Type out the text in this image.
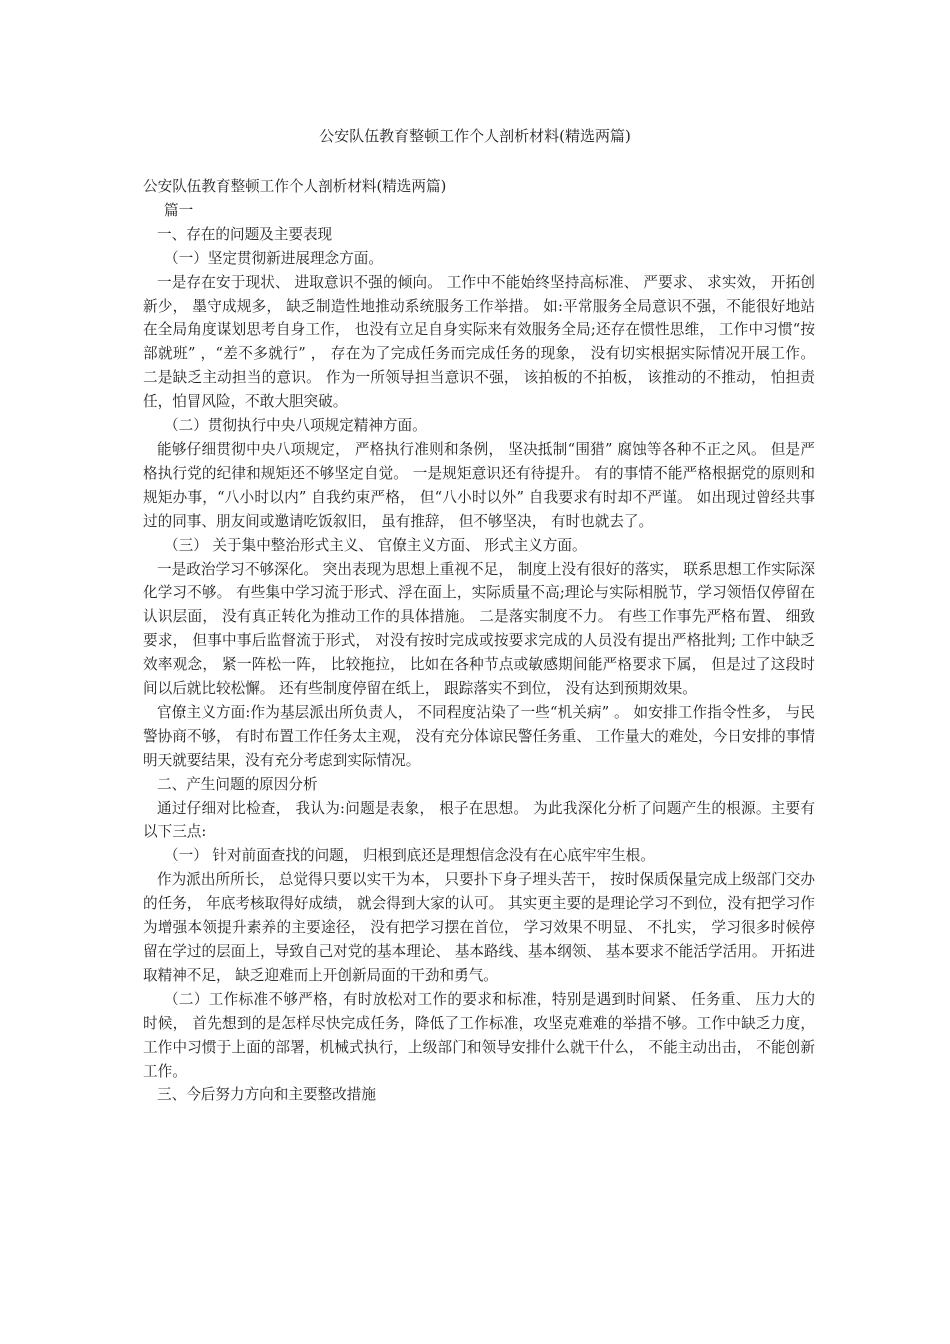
公安队伍教育整顿工作个人剖析材料(精选两篇)

公安队伍教育整顿工作个人剖析材料(精选两篇)

篇一

一、存在的问题及主要表现

（一）坚定贯彻新进展理念方面。

一是存在安于现状、 进取意识不强的倾向。 工作中不能始终坚持高标准、 严要求、 求实效， 开拓创新少， 墨守成规多， 缺乏制造性地推动系统服务工作举措。 如:平常服务全局意识不强，不能很好地站在全局角度谋划思考自身工作， 也没有立足自身实际来有效服务全局;还存在惯性思维， 工作中习惯“按部就班” ，“差不多就行” ， 存在为了完成任务而完成任务的现象， 没有切实根据实际情况开展工作。 二是缺乏主动担当的意识。 作为一所领导担当意识不强， 该拍板的不拍板， 该推动的不推动， 怕担责任，怕冒风险，不敢大胆突破。

（二）贯彻执行中央八项规定精神方面。

能够仔细贯彻中央八项规定， 严格执行准则和条例， 坚决抵制“围猎” 腐蚀等各种不正之风。 但是严格执行党的纪律和规矩还不够坚定自觉。 一是规矩意识还有待提升。 有的事情不能严格根据党的原则和规矩办事，“八小时以内” 自我约束严格， 但“八小时以外” 自我要求有时却不严谨。 如出现过曾经共事过的同事、朋友间或邀请吃饭叙旧， 虽有推辞， 但不够坚决， 有时也就去了。

（三） 关于集中整治形式主义、 官僚主义方面、 形式主义方面。

一是政治学习不够深化。 突出表现为思想上重视不足， 制度上没有很好的落实， 联系思想工作实际深化学习不够。 有些集中学习流于形式、浮在面上，实际质量不高;理论与实际相脱节，学习领悟仅停留在认识层面， 没有真正转化为推动工作的具体措施。 二是落实制度不力。 有些工作事先严格布置、 细致要求， 但事中事后监督流于形式， 对没有按时完成或按要求完成的人员没有提出严格批判; 工作中缺乏效率观念， 紧一阵松一阵， 比较拖拉， 比如在各种节点或敏感期间能严格要求下属， 但是过了这段时间以后就比较松懈。 还有些制度停留在纸上， 跟踪落实不到位， 没有达到预期效果。

官僚主义方面:作为基层派出所负责人， 不同程度沾染了一些“机关病” 。 如安排工作指令性多， 与民警协商不够， 有时布置工作任务太主观， 没有充分体谅民警任务重、 工作量大的难处，今日安排的事情明天就要结果，没有充分考虑到实际情况。

二、产生问题的原因分析

通过仔细对比检查， 我认为:问题是表象， 根子在思想。 为此我深化分析了问题产生的根源。主要有以下三点:

（一） 针对前面查找的问题， 归根到底还是理想信念没有在心底牢牢生根。

作为派出所所长， 总觉得只要以实干为本， 只要扑下身子埋头苦干， 按时保质保量完成上级部门交办的任务， 年底考核取得好成绩， 就会得到大家的认可。 其实更主要的是理论学习不到位，没有把学习作为增强本领提升素养的主要途径， 没有把学习摆在首位， 学习效果不明显、 不扎实， 学习很多时候停留在学过的层面上，导致自己对党的基本理论、 基本路线、基本纲领、 基本要求不能活学活用。 开拓进取精神不足， 缺乏迎难而上开创新局面的干劲和勇气。

（二）工作标准不够严格，有时放松对工作的要求和标准，特别是遇到时间紧、 任务重、 压力大的时候， 首先想到的是怎样尽快完成任务，降低了工作标准，攻坚克难难的举措不够。工作中缺乏力度，工作中习惯于上面的部署，机械式执行，上级部门和领导安排什么就干什么， 不能主动出击， 不能创新工作。

三、今后努力方向和主要整改措施
